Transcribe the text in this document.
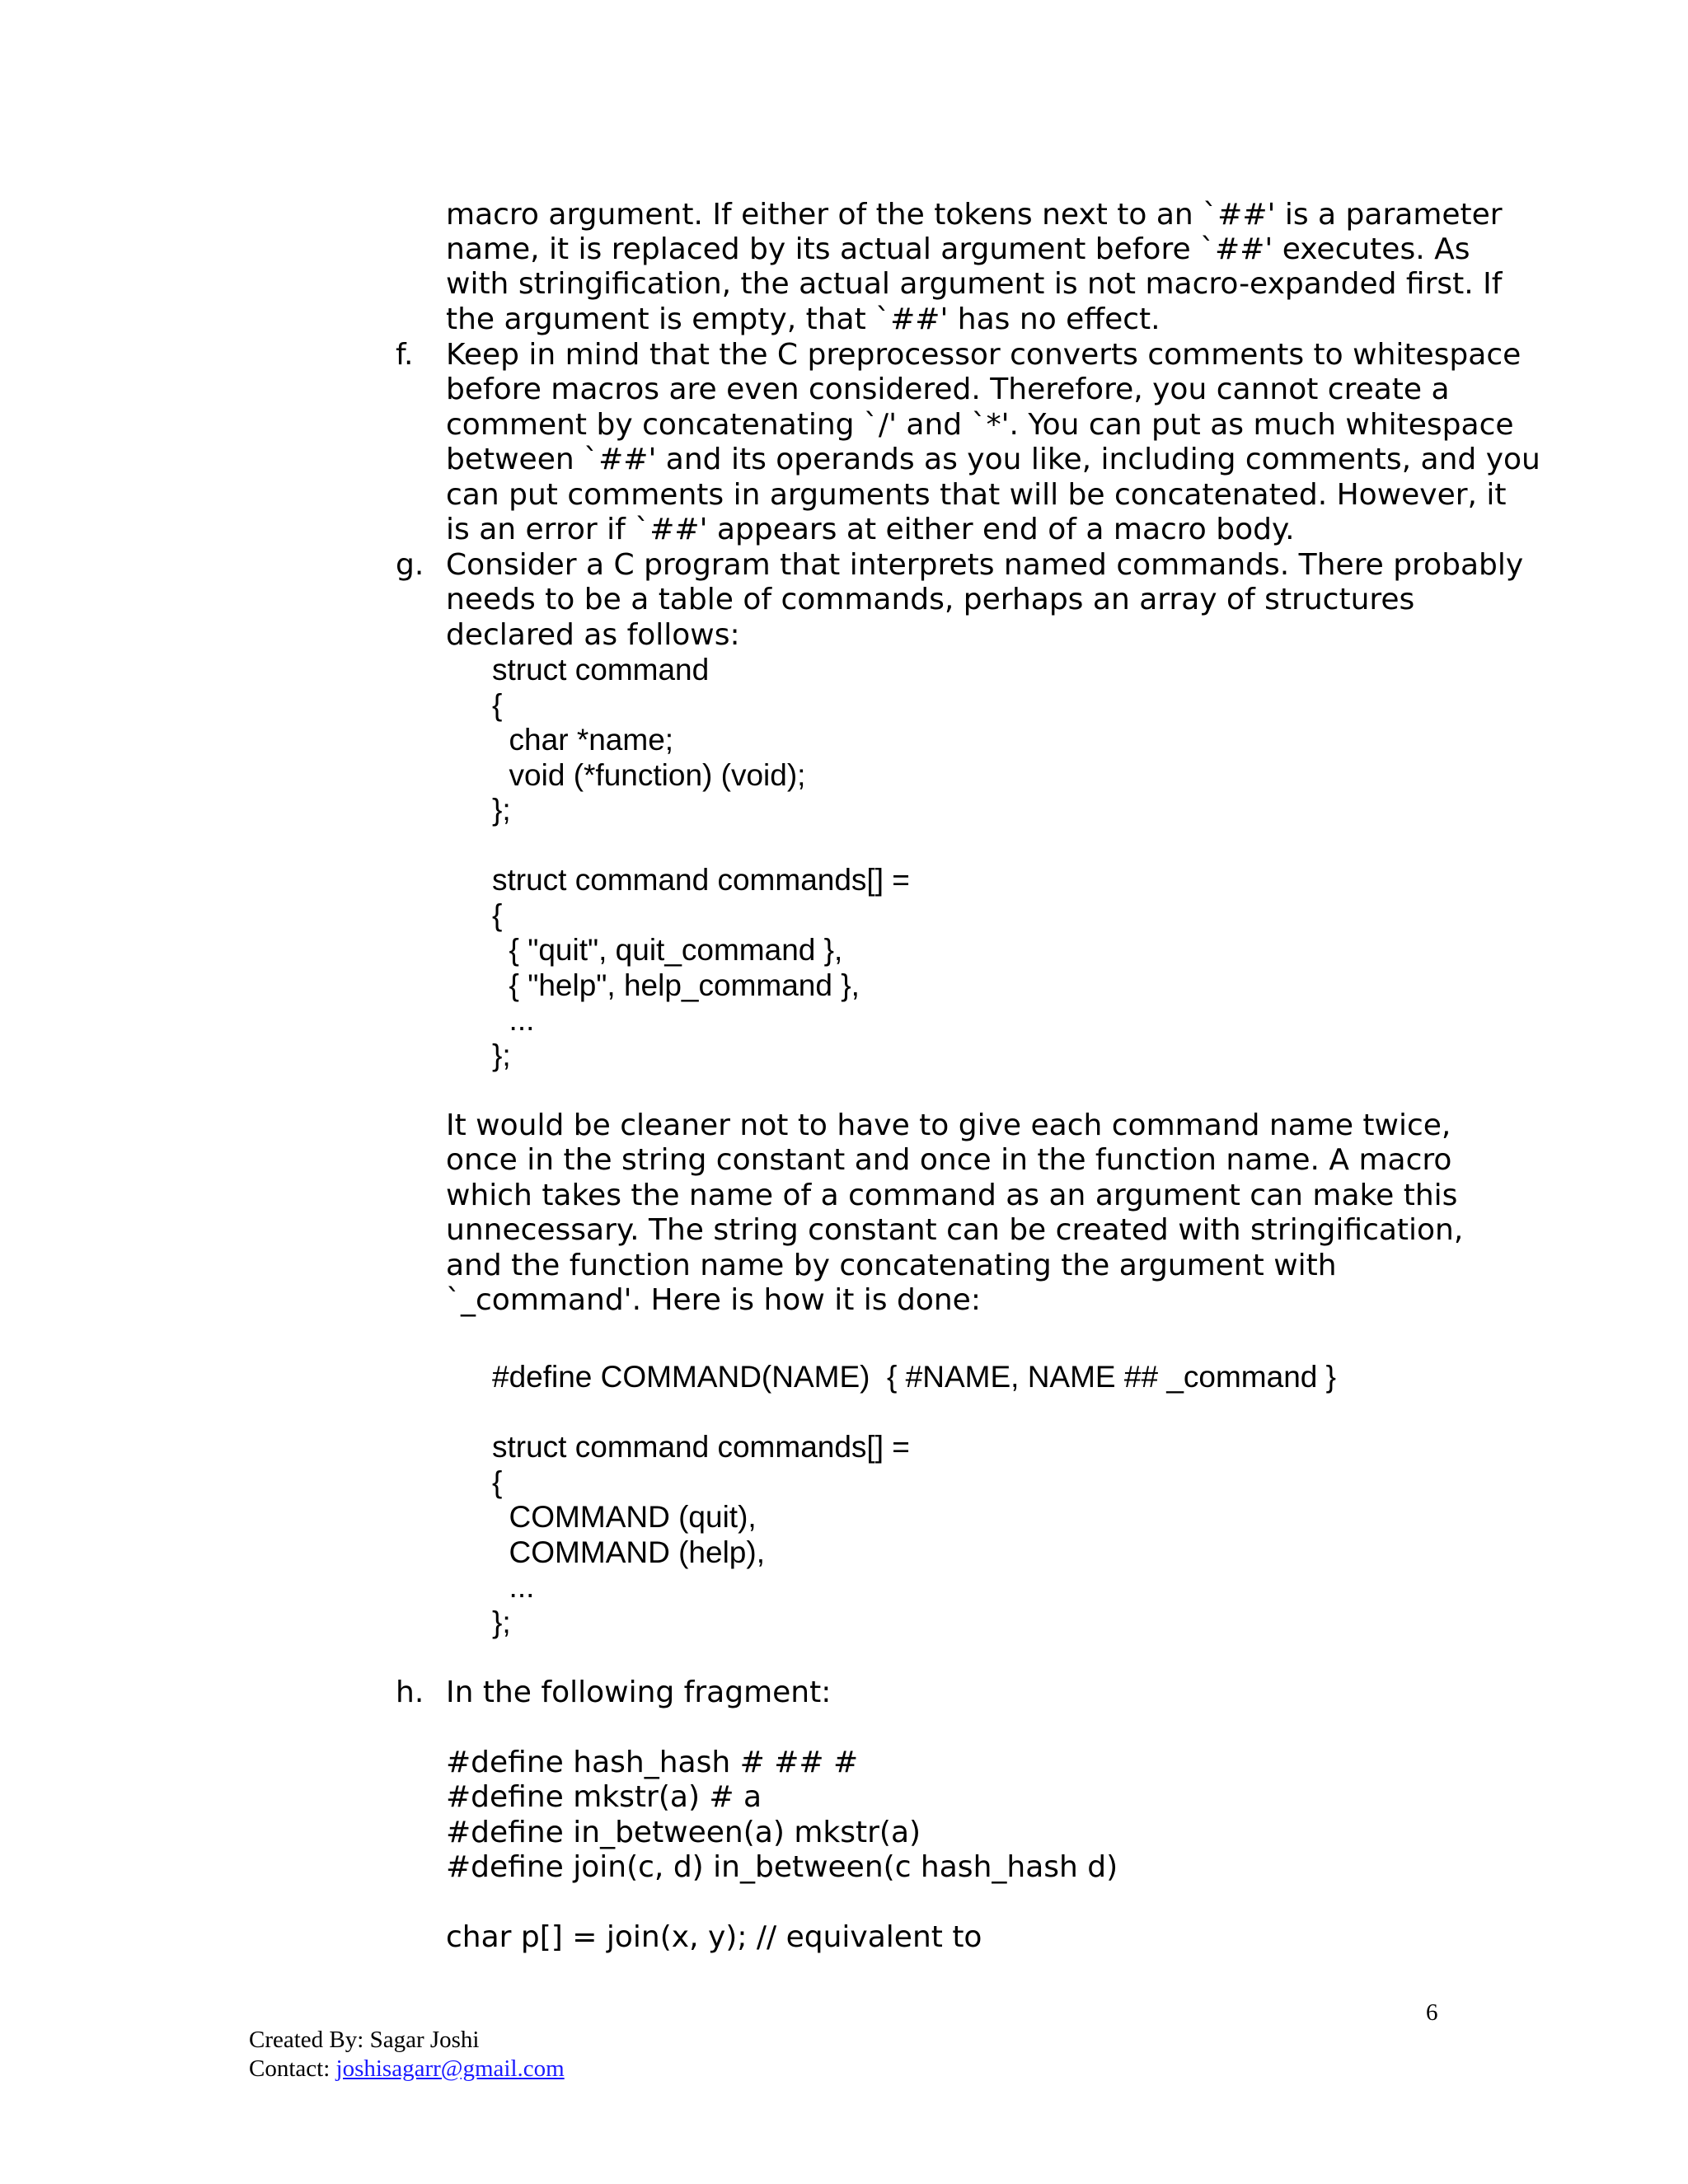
macro argument. If either of the tokens next to an `##' is a parameter
name, it is replaced by its actual argument before `##' executes. As
with stringification, the actual argument is not macro-expanded first. If
the argument is empty, that `##' has no effect.
f. Keep in mind that the C preprocessor converts comments to whitespace
before macros are even considered. Therefore, you cannot create a
comment by concatenating `/' and `*'. You can put as much whitespace
between `##' and its operands as you like, including comments, and you
can put comments in arguments that will be concatenated. However, it
is an error if `##' appears at either end of a macro body.
g. Consider a C program that interprets named commands. There probably
needs to be a table of commands, perhaps an array of structures
declared as follows:
struct command
{
char *name;
void (*function) (void);
};
struct command commands[] =
{
{ "quit", quit_command },
{ "help", help_command },
...
};
It would be cleaner not to have to give each command name twice,
once in the string constant and once in the function name. A macro
which takes the name of a command as an argument can make this
unnecessary. The string constant can be created with stringification,
and the function name by concatenating the argument with
`_command'. Here is how it is done:
#define COMMAND(NAME)  { #NAME, NAME ## _command }
struct command commands[] =
{
COMMAND (quit),
COMMAND (help),
...
};
h. In the following fragment:
#define hash_hash # ## #
#define mkstr(a) # a
#define in_between(a) mkstr(a)
#define join(c, d) in_between(c hash_hash d)
char p[] = join(x, y); // equivalent to
6
Created By: Sagar Joshi
Contact: joshisagarr@gmail.com
